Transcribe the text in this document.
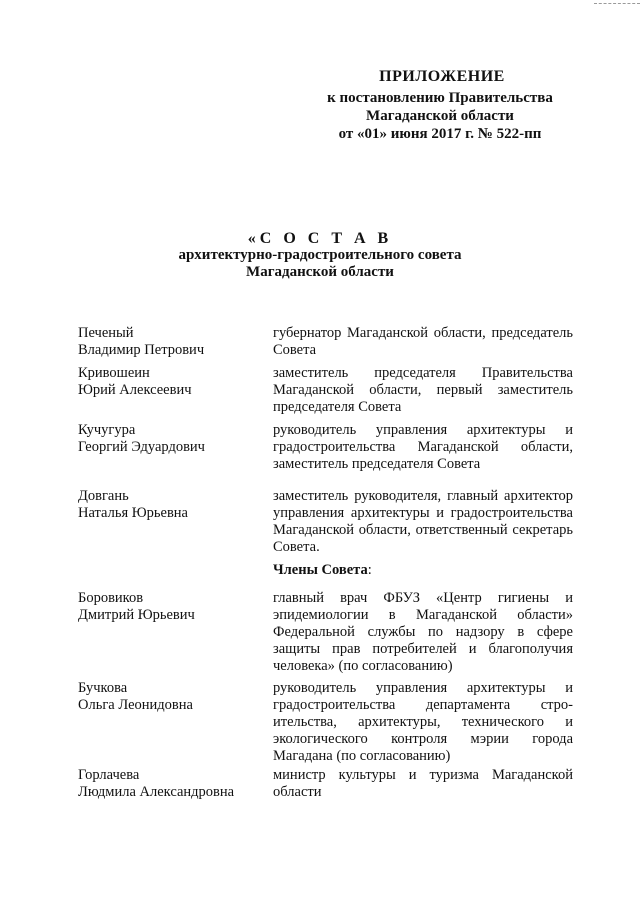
ПРИЛОЖЕНИЕ
к постановлению Правительства
Магаданской области
от «01» июня 2017 г. № 522-пп
«С О С Т А В
архитектурно-градостроительного совета
Магаданской области
Печеный
Владимир Петрович
губернатор Магаданской области, председатель Совета
Кривошеин
Юрий Алексеевич
заместитель председателя Правительства Магаданской области, первый заместитель председателя Совета
Кучугура
Георгий Эдуардович
руководитель управления архитектуры и градостроительства Магаданской области, заместитель председателя Совета
Довгань
Наталья Юрьевна
заместитель руководителя, главный архитектор управления архитектуры и градостроительства Магаданской области, ответственный секретарь Совета.
Члены Совета:
Боровиков
Дмитрий Юрьевич
главный врач ФБУЗ «Центр гигиены и эпидемиологии в Магаданской области» Федеральной службы по надзору в сфере защиты прав потребителей и благополучия человека» (по согласованию)
Бучкова
Ольга Леонидовна
руководитель управления архитектуры и градостроительства департамента строительства, архитектуры, технического и экологического контроля мэрии города Магадана (по согласованию)
Горлачева
Людмила Александровна
министр культуры и туризма Магаданской области
